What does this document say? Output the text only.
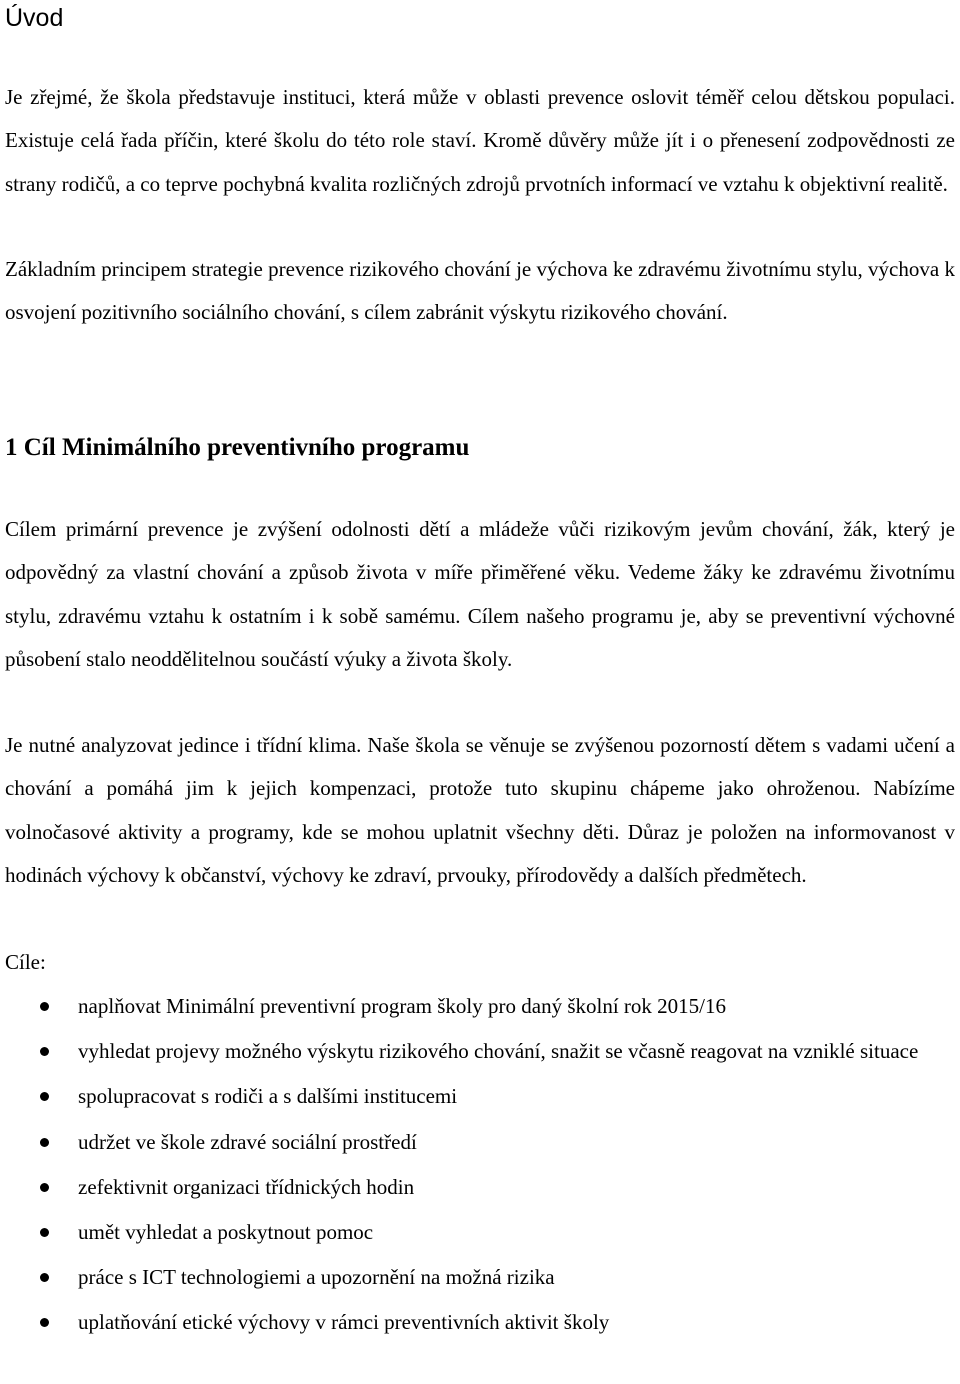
Úvod

Je zřejmé, že škola představuje instituci, která může v oblasti prevence oslovit téměř celou dětskou populaci. Existuje celá řada příčin, které školu do této role staví. Kromě důvěry může jít i o přenesení zodpovědnosti ze strany rodičů, a co teprve pochybná kvalita rozličných zdrojů prvotních informací ve vztahu k objektivní realitě.

Základním principem strategie prevence rizikového chování je výchova ke zdravému životnímu stylu, výchova k osvojení pozitivního sociálního chování, s cílem zabránit výskytu rizikového chování.

1 Cíl Minimálního preventivního programu

Cílem primární prevence je zvýšení odolnosti dětí a mládeže vůči rizikovým jevům chování, žák, který je odpovědný za vlastní chování a způsob života v míře přiměřené věku. Vedeme žáky ke zdravému životnímu stylu, zdravému vztahu k ostatním i k sobě samému. Cílem našeho programu je, aby se preventivní výchovné působení stalo neoddělitelnou součástí výuky a života školy.

Je nutné analyzovat jedince i třídní klima. Naše škola se věnuje se zvýšenou pozorností dětem s vadami učení a chování a pomáhá jim k jejich kompenzaci, protože tuto skupinu chápeme jako ohroženou. Nabízíme volnočasové aktivity a programy, kde se mohou uplatnit všechny děti. Důraz je položen na informovanost v hodinách výchovy k občanství, výchovy ke zdraví, prvouky, přírodovědy a dalších předmětech.

Cíle:

naplňovat Minimální preventivní program školy pro daný školní rok 2015/16
vyhledat projevy možného výskytu rizikového chování, snažit se včasně reagovat na vzniklé situace
spolupracovat s rodiči a s dalšími institucemi
udržet ve škole zdravé sociální prostředí
zefektivnit organizaci třídnických hodin
umět vyhledat a poskytnout pomoc
práce s ICT technologiemi a upozornění na možná rizika
uplatňování etické výchovy v rámci preventivních aktivit školy
